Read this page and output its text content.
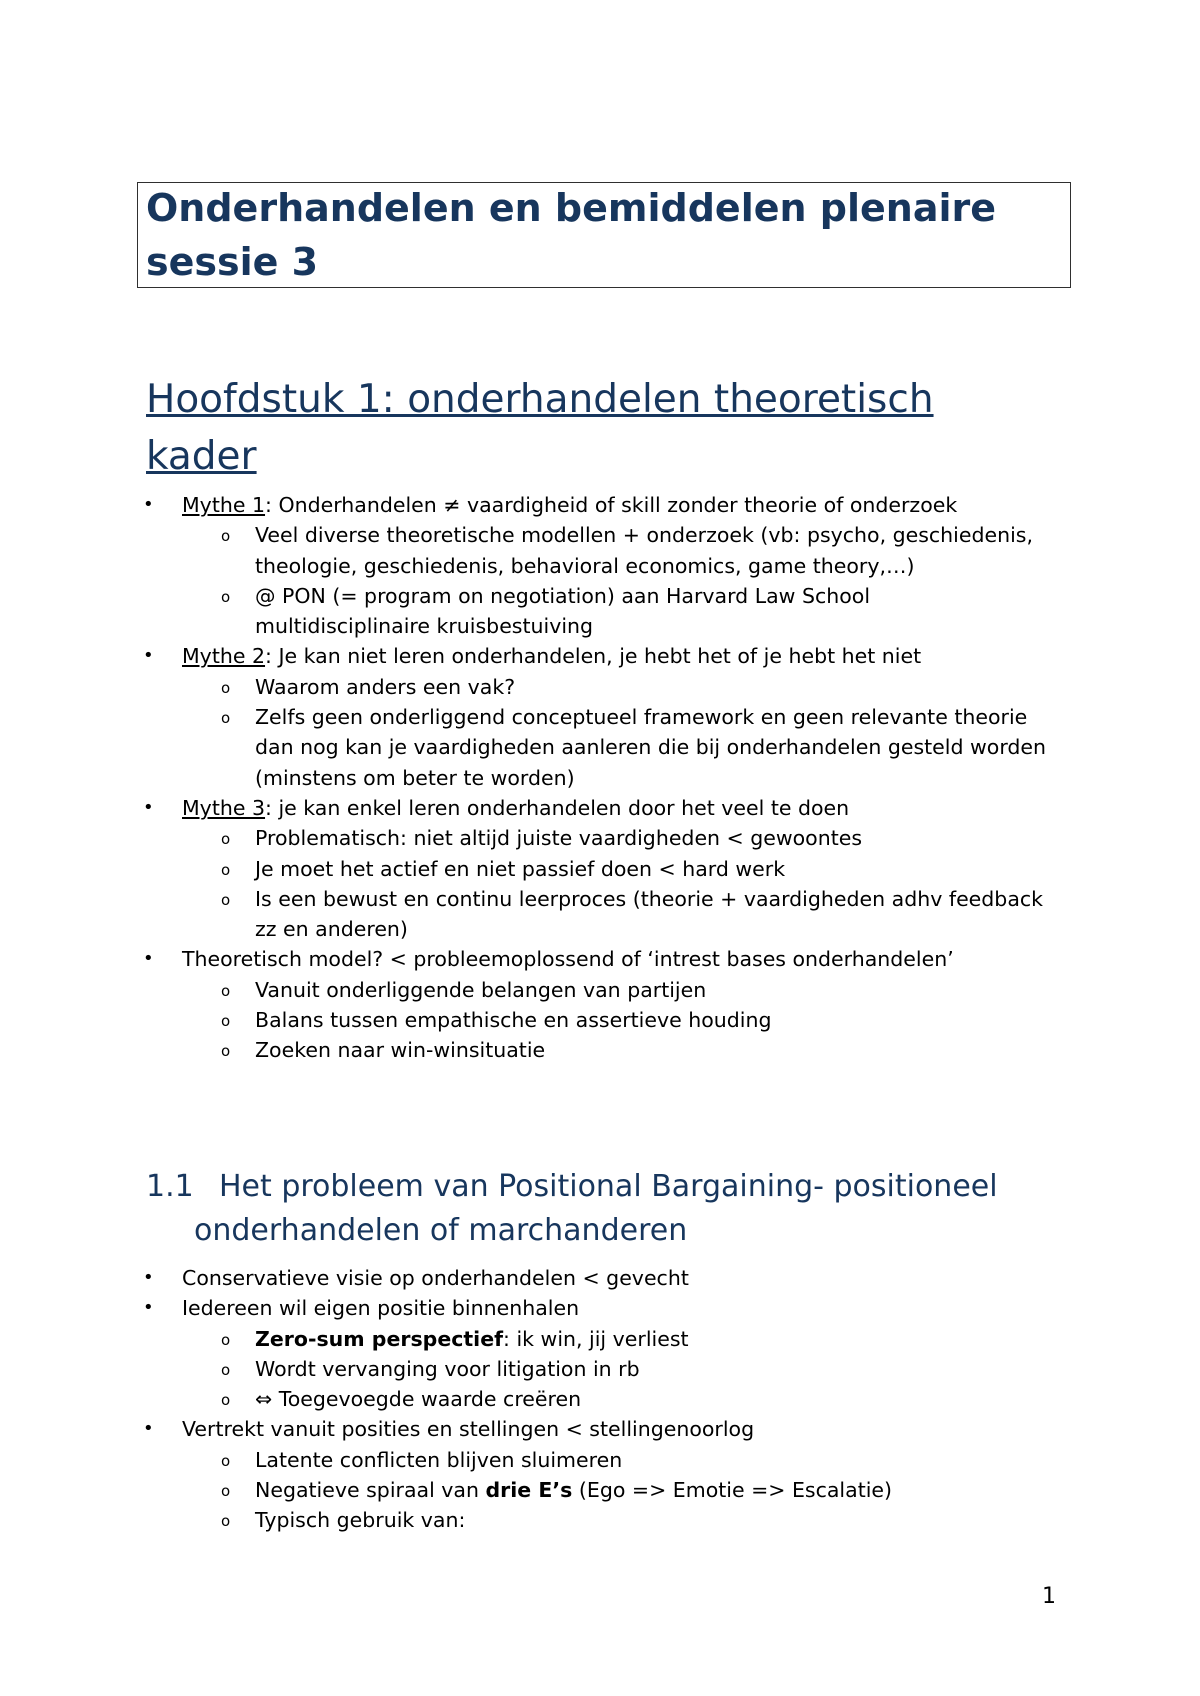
Onderhandelen en bemiddelen plenaire sessie 3
Hoofdstuk 1: onderhandelen theoretisch kader
• Mythe 1: Onderhandelen ≠ vaardigheid of skill zonder theorie of onderzoek
o Veel diverse theoretische modellen + onderzoek (vb: psycho, geschiedenis, theologie, geschiedenis, behavioral economics, game theory,…)
o @ PON (= program on negotiation) aan Harvard Law School multidisciplinaire kruisbestuiving
• Mythe 2: Je kan niet leren onderhandelen, je hebt het of je hebt het niet
o Waarom anders een vak?
o Zelfs geen onderliggend conceptueel framework en geen relevante theorie dan nog kan je vaardigheden aanleren die bij onderhandelen gesteld worden (minstens om beter te worden)
• Mythe 3: je kan enkel leren onderhandelen door het veel te doen
o Problematisch: niet altijd juiste vaardigheden < gewoontes
o Je moet het actief en niet passief doen < hard werk
o Is een bewust en continu leerproces (theorie + vaardigheden adhv feedback zz en anderen)
• Theoretisch model? < probleemoplossend of ‘intrest bases onderhandelen’
o Vanuit onderliggende belangen van partijen
o Balans tussen empathische en assertieve houding
o Zoeken naar win-winsituatie
1.1 Het probleem van Positional Bargaining- positioneel
onderhandelen of marchanderen
• Conservatieve visie op onderhandelen < gevecht
• Iedereen wil eigen positie binnenhalen
o Zero-sum perspectief: ik win, jij verliest
o Wordt vervanging voor litigation in rb
o ⇔ Toegevoegde waarde creëren
• Vertrekt vanuit posities en stellingen < stellingenoorlog
o Latente conflicten blijven sluimeren
o Negatieve spiraal van drie E’s (Ego => Emotie => Escalatie)
o Typisch gebruik van:
1
